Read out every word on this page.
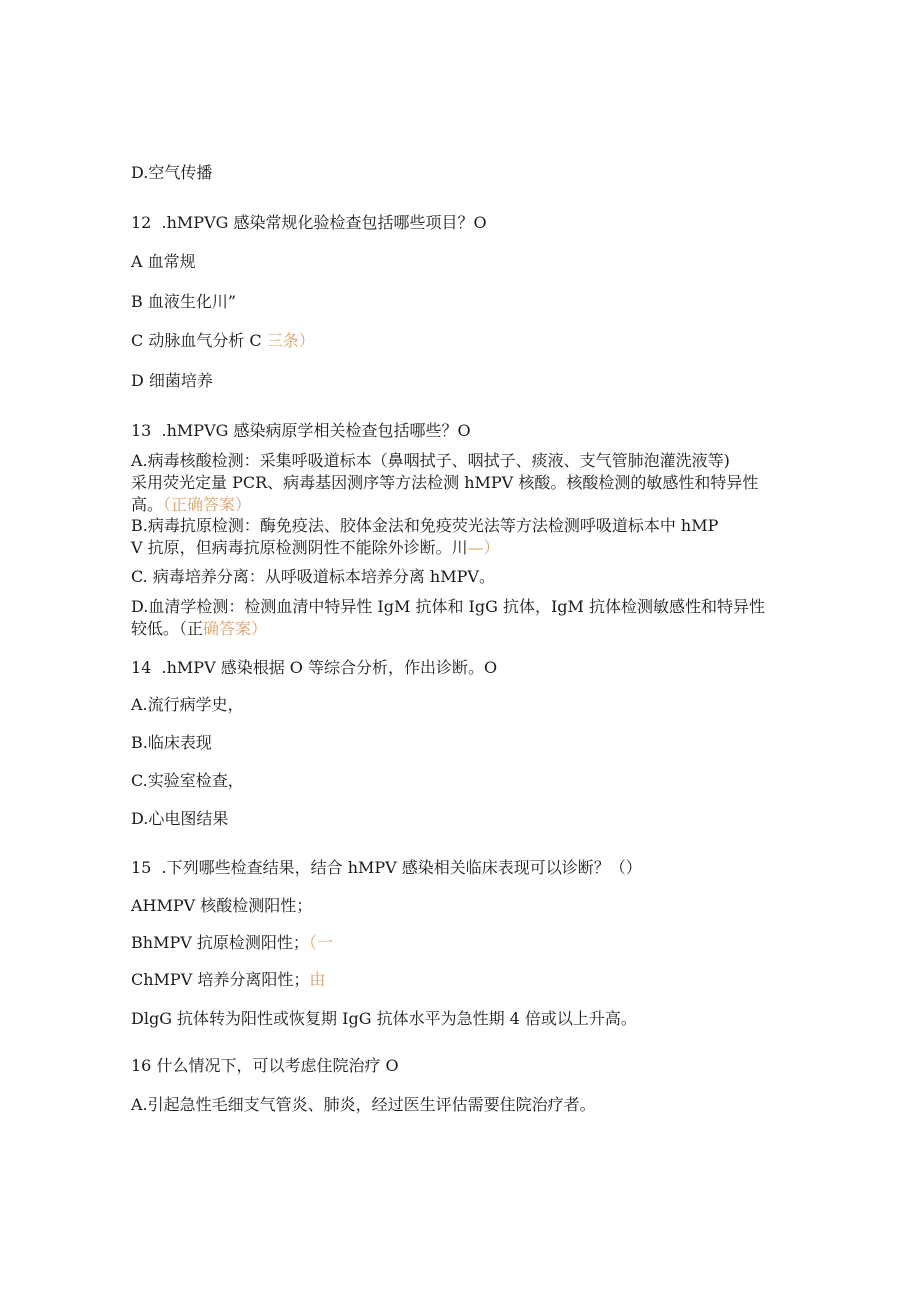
D.空气传播
12  .hMPVG 感染常规化验检查包括哪些项目？O
A 血常规
B 血液生化川”
C 动脉血气分析 C 三条）
D 细菌培养
13  .hMPVG 感染病原学相关检查包括哪些？O
A.病毒核酸检测：采集呼吸道标本（鼻咽拭子、咽拭子、痰液、支气管肺泡灌洗液等)
采用荧光定量 PCR、病毒基因测序等方法检测 hMPV 核酸。核酸检测的敏感性和特异性
高。（正确答案）
B.病毒抗原检测：酶免疫法、胶体金法和免疫荧光法等方法检测呼吸道标本中 hMP
V 抗原，但病毒抗原检测阴性不能除外诊断。川—）
C. 病毒培养分离：从呼吸道标本培养分离 hMPV。
D.血清学检测：检测血清中特异性 IgM 抗体和 IgG 抗体，IgM 抗体检测敏感性和特异性
较低。（正确答案）
14  .hMPV 感染根据 O 等综合分析，作出诊断。O
A.流行病学史，
B.临床表现
C.实验室检查，
D.心电图结果
15  .下列哪些检查结果，结合 hMPV 感染相关临床表现可以诊断？（）
AHMPV 核酸检测阳性；
BhMPV 抗原检测阳性；（一
ChMPV 培养分离阳性；由
DlgG 抗体转为阳性或恢复期 IgG 抗体水平为急性期 4 倍或以上升高。
16 什么情况下，可以考虑住院治疗 O
A.引起急性毛细支气管炎、肺炎，经过医生评估需要住院治疗者。
